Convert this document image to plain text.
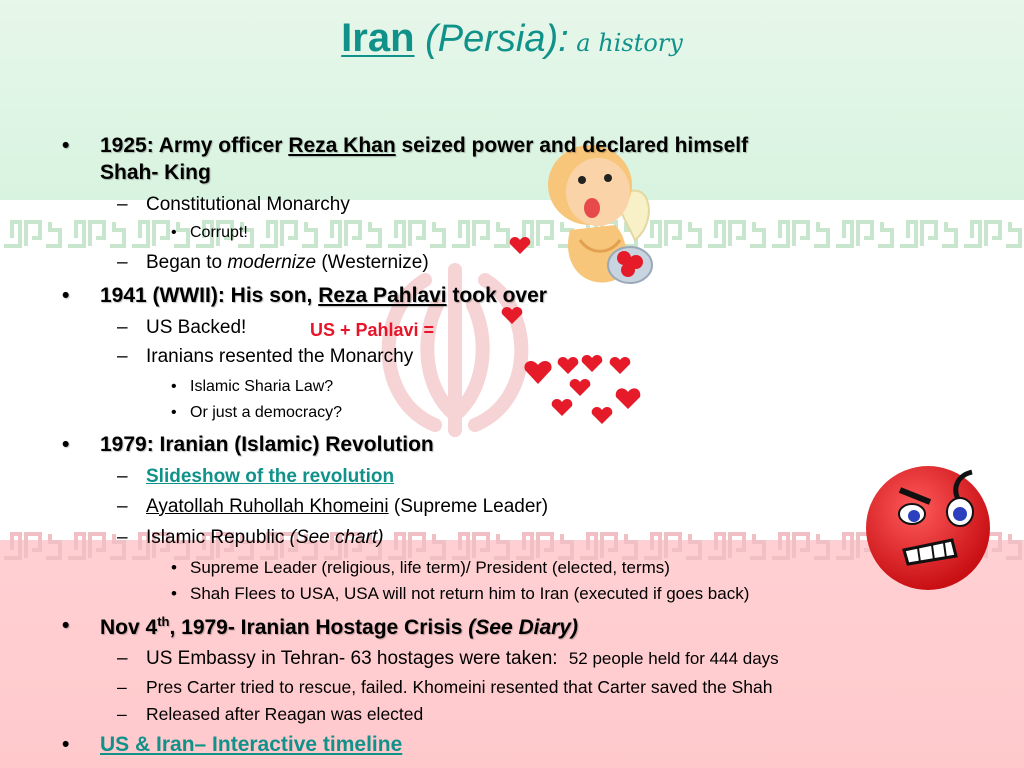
Iran (Persia): a history
• 1925: Army officer Reza Khan seized power and declared himself
Shah- King
– Constitutional Monarchy
• Corrupt!
– Began to modernize (Westernize)
• 1941 (WWII): His son, Reza Pahlavi took over
– US Backed!	US + Pahlavi =
– Iranians resented the Monarchy
• Islamic Sharia Law?
• Or just a democracy?
• 1979: Iranian (Islamic) Revolution
– Slideshow of the revolution
– Ayatollah Ruhollah Khomeini (Supreme Leader)
– Islamic Republic (See chart)
• Supreme Leader (religious, life term)/ President (elected, terms)
• Shah Flees to USA, USA will not return him to Iran (executed if goes back)
• Nov 4th, 1979- Iranian Hostage Crisis (See Diary)
– US Embassy in Tehran- 63 hostages were taken: 52 people held for 444 days
– Pres Carter tried to rescue, failed. Khomeini resented that Carter saved the Shah
– Released after Reagan was elected
• US & Iran– Interactive timeline
